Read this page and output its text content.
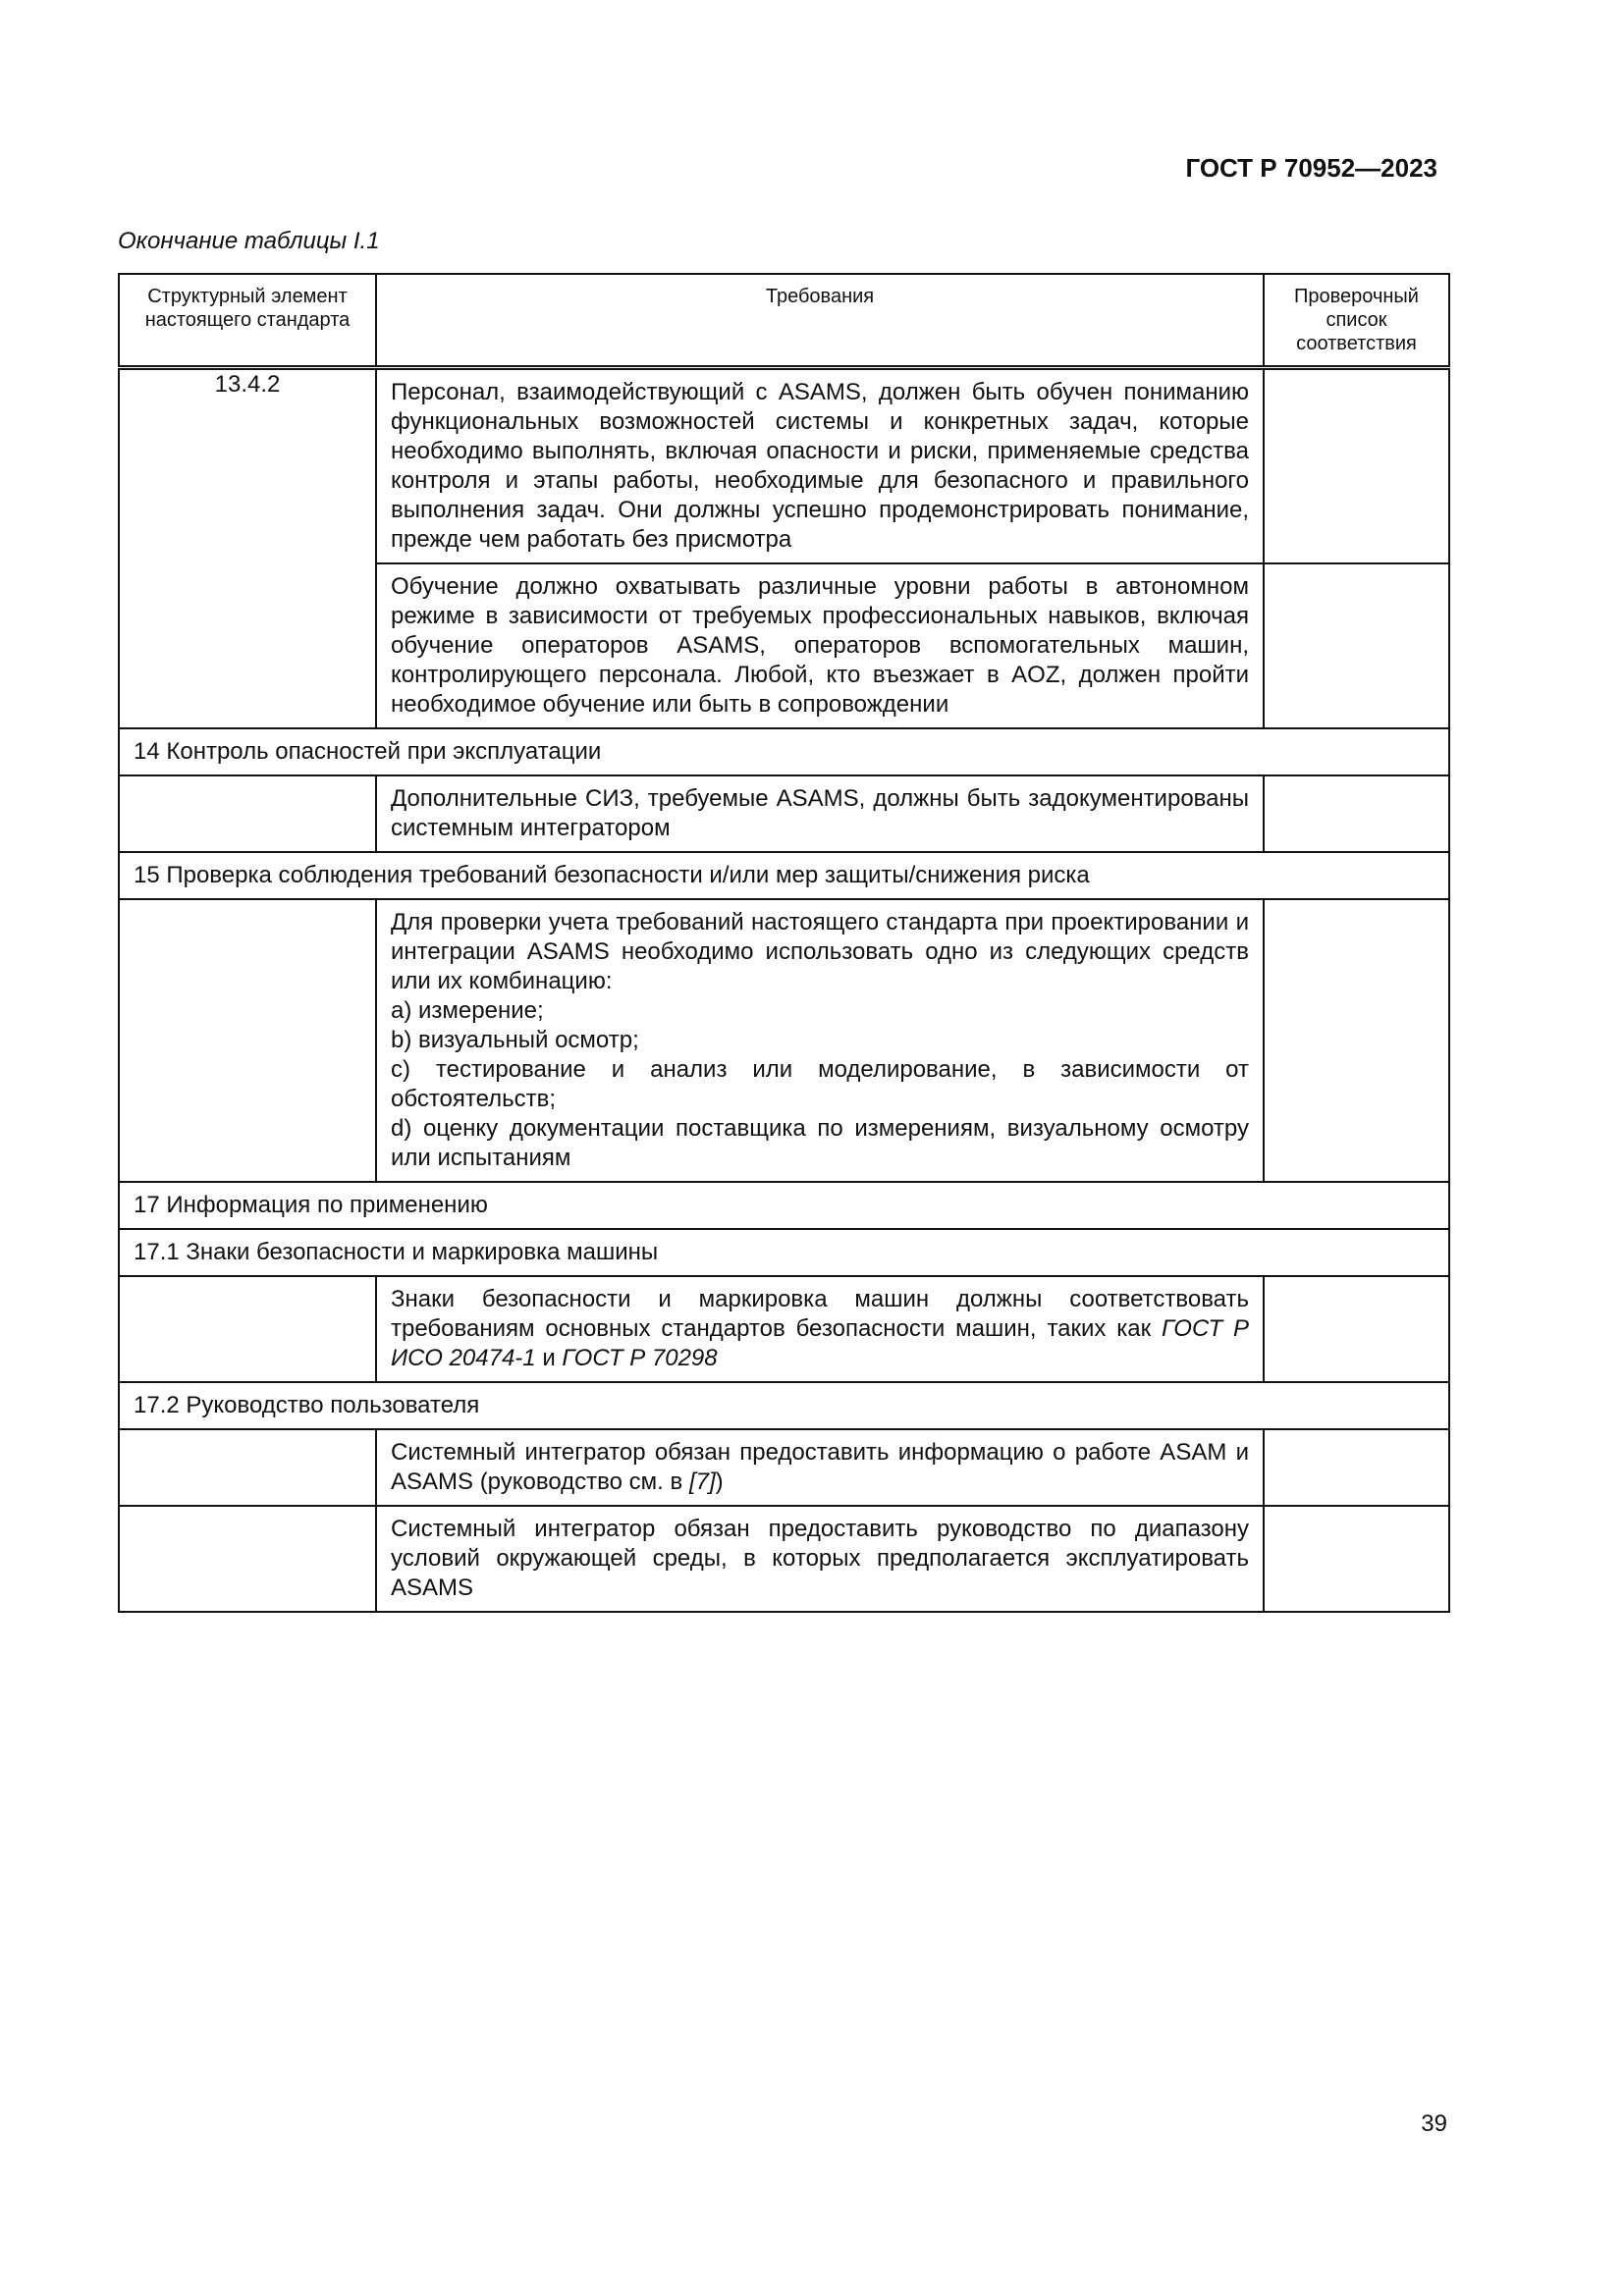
ГОСТ Р 70952—2023
Окончание таблицы I.1
Структурный элемент настоящего стандарта	Требования	Проверочный список соответствия
13.4.2	Персонал, взаимодействующий с ASAMS, должен быть обучен пониманию функциональных возможностей системы и конкретных задач, которые необходимо выполнять, включая опасности и риски, применяемые средства контроля и этапы работы, необходимые для безопасного и правильного выполнения задач. Они должны успешно продемонстрировать понимание, прежде чем работать без присмотра	
	Обучение должно охватывать различные уровни работы в автономном режиме в зависимости от требуемых профессиональных навыков, включая обучение операторов ASAMS, операторов вспомогательных машин, контролирующего персонала. Любой, кто въезжает в AOZ, должен пройти необходимое обучение или быть в сопровождении	
14 Контроль опасностей при эксплуатации		
	Дополнительные СИЗ, требуемые ASAMS, должны быть задокументированы системным интегратором	
15 Проверка соблюдения требований безопасности и/или мер защиты/снижения риска		

	Для проверки учета требований настоящего стандарта при проектировании и интеграции ASAMS необходимо использовать одно из следующих средств или их комбинацию:
a) измерение;
b) визуальный осмотр;
c) тестирование и анализ или моделирование, в зависимости от обстоятельств;
d) оценку документации поставщика по измерениям, визуальному осмотру или испытаниям	

17 Информация по применению		
17.1 Знаки безопасности и маркировка машины		
	Знаки безопасности и маркировка машин должны соответствовать требованиям основных стандартов безопасности машин, таких как ГОСТ Р ИСО 20474-1 и ГОСТ Р 70298	
17.2 Руководство пользователя		
	Системный интегратор обязан предоставить информацию о работе ASAM и ASAMS (руководство см. в [7])	
	Системный интегратор обязан предоставить руководство по диапазону условий окружающей среды, в которых предполагается эксплуатировать ASAMS	
39
